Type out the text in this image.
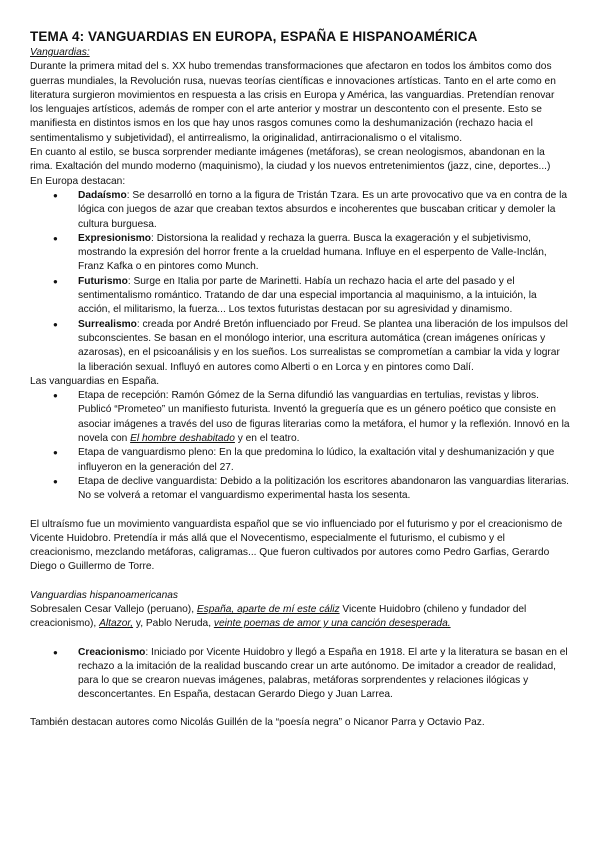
TEMA 4: VANGUARDIAS EN EUROPA, ESPAÑA E HISPANOAMÉRICA

Vanguardias:

Durante la primera mitad del s. XX hubo tremendas transformaciones que afectaron en todos los ámbitos como dos guerras mundiales, la Revolución rusa, nuevas teorías científicas e innovaciones artísticas. Tanto en el arte como en literatura surgieron movimientos en respuesta a las crisis en Europa y América, las vanguardias. Pretendían renovar los lenguajes artísticos, además de romper con el arte anterior y mostrar un descontento con el presente. Esto se manifiesta en distintos ismos en los que hay unos rasgos comunes como la deshumanización (rechazo hacia el sentimentalismo y subjetividad), el antirrealismo, la originalidad, antirracionalismo o el vitalismo.

En cuanto al estilo, se busca sorprender mediante imágenes (metáforas), se crean neologismos, abandonan en la rima. Exaltación del mundo moderno (maquinismo), la ciudad y los nuevos entretenimientos (jazz, cine, deportes...)

En Europa destacan:

● Dadaísmo: Se desarrolló en torno a la figura de Tristán Tzara. Es un arte provocativo que va en contra de la lógica con juegos de azar que creaban textos absurdos e incoherentes que buscaban criticar y demoler la cultura burguesa.
● Expresionismo: Distorsiona la realidad y rechaza la guerra. Busca la exageración y el subjetivismo, mostrando la expresión del horror frente a la crueldad humana. Influye en el esperpento de Valle-Inclán, Franz Kafka o en pintores como Munch.
● Futurismo: Surge en Italia por parte de Marinetti. Había un rechazo hacia el arte del pasado y el sentimentalismo romántico. Tratando de dar una especial importancia al maquinismo, a la intuición, la acción, el militarismo, la fuerza... Los textos futuristas destacan por su agresividad y dinamismo.
● Surrealismo: creada por André Bretón influenciado por Freud. Se plantea una liberación de los impulsos del subconscientes. Se basan en el monólogo interior, una escritura automática (crean imágenes oníricas y azarosas), en el psicoanálisis y en los sueños. Los surrealistas se comprometían a cambiar la vida y lograr la liberación sexual. Influyó en autores como Alberti o en Lorca y en pintores como Dalí.

Las vanguardias en España.

● Etapa de recepción: Ramón Gómez de la Serna difundió las vanguardias en tertulias, revistas y libros. Publicó “Prometeo” un manifiesto futurista. Inventó la greguería que es un género poético que consiste en asociar imágenes a través del uso de figuras literarias como la metáfora, el humor y la reflexión. Innovó en la novela con El hombre deshabitado y en el teatro.
● Etapa de vanguardismo pleno: En la que predomina lo lúdico, la exaltación vital y deshumanización y que influyeron en la generación del 27.
● Etapa de declive vanguardista: Debido a la politización los escritores abandonaron las vanguardias literarias. No se volverá a retomar el vanguardismo experimental hasta los sesenta.

El ultraísmo fue un movimiento vanguardista español que se vio influenciado por el futurismo y por el creacionismo de Vicente Huidobro. Pretendía ir más allá que el Novecentismo, especialmente el futurismo, el cubismo y el creacionismo, mezclando metáforas, caligramas... Que fueron cultivados por autores como Pedro Garfias, Gerardo Diego o Guillermo de Torre.

Vanguardias hispanoamericanas

Sobresalen Cesar Vallejo (peruano), España, aparte de mí este cáliz Vicente Huidobro (chileno y fundador del creacionismo), Altazor, y, Pablo Neruda, veinte poemas de amor y una canción desesperada.

● Creacionismo: Iniciado por Vicente Huidobro y llegó a España en 1918. El arte y la literatura se basan en el rechazo a la imitación de la realidad buscando crear un arte autónomo. De imitador a creador de realidad, para lo que se crearon nuevas imágenes, palabras, metáforas sorprendentes y relaciones ilógicas y desconcertantes. En España, destacan Gerardo Diego y Juan Larrea.

También destacan autores como Nicolás Guillén de la “poesía negra” o Nicanor Parra y Octavio Paz.
